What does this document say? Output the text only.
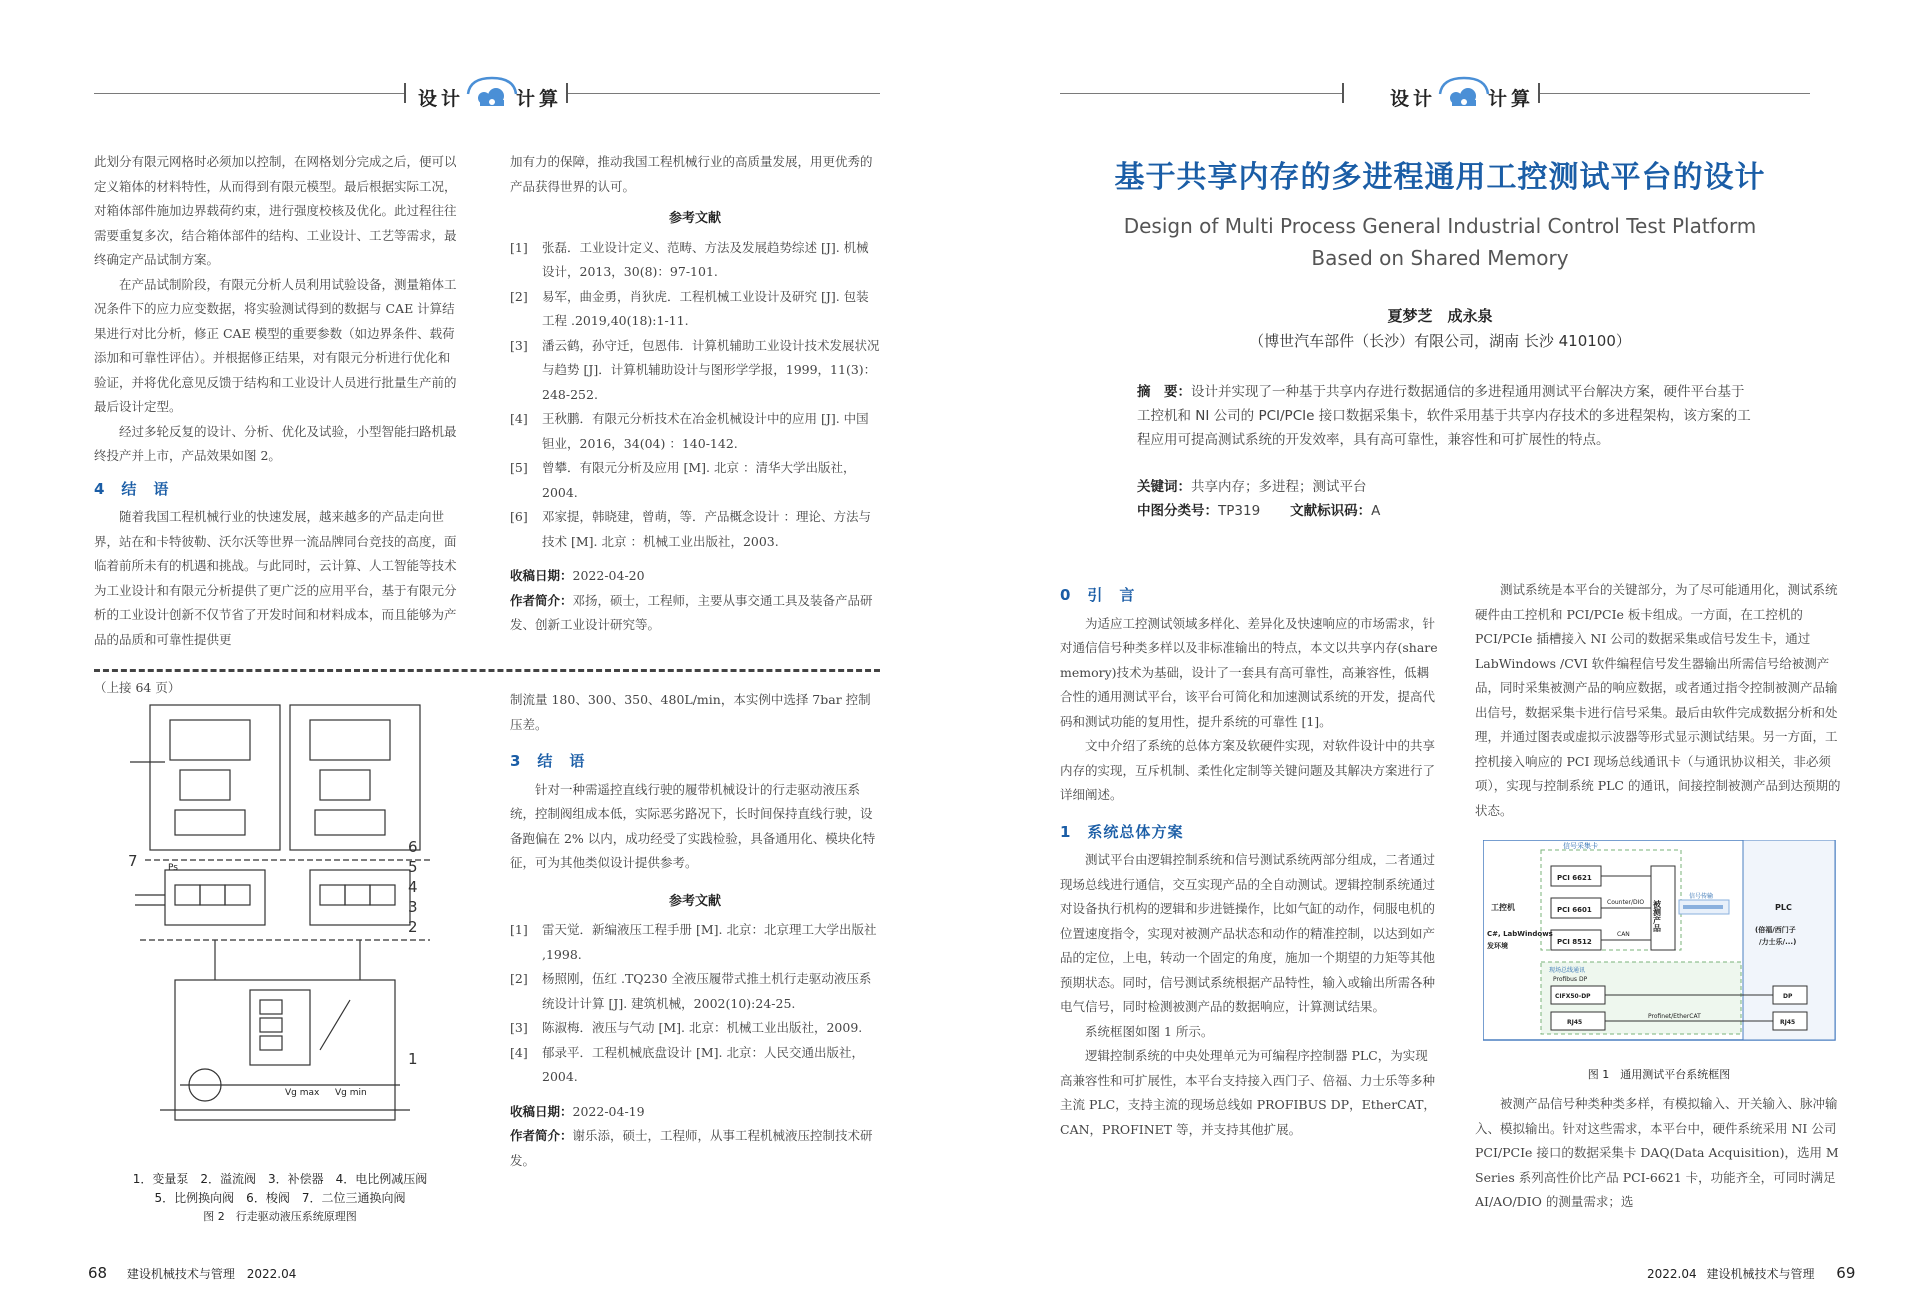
设计	计算

此划分有限元网格时必须加以控制，在网格划分完成之后，便可以定义箱体的材料特性，从而得到有限元模型。最后根据实际工况，对箱体部件施加边界载荷约束，进行强度校核及优化。此过程往往需要重复多次，结合箱体部件的结构、工业设计、工艺等需求，最终确定产品试制方案。

在产品试制阶段，有限元分析人员利用试验设备，测量箱体工况条件下的应力应变数据，将实验测试得到的数据与 CAE 计算结果进行对比分析，修正 CAE 模型的重要参数（如边界条件、载荷添加和可靠性评估）。并根据修正结果，对有限元分析进行优化和验证，并将优化意见反馈于结构和工业设计人员进行批量生产前的最后设计定型。

经过多轮反复的设计、分析、优化及试验，小型智能扫路机最终投产并上市，产品效果如图 2。

4　结　语

随着我国工程机械行业的快速发展，越来越多的产品走向世界，站在和卡特彼勒、沃尔沃等世界一流品牌同台竞技的高度，面临着前所未有的机遇和挑战。与此同时，云计算、人工智能等技术为工业设计和有限元分析提供了更广泛的应用平台，基于有限元分析的工业设计创新不仅节省了开发时间和材料成本，而且能够为产品的品质和可靠性提供更

加有力的保障，推动我国工程机械行业的高质量发展，用更优秀的产品获得世界的认可。

参考文献
[1]	张磊．工业设计定义、范畴、方法及发展趋势综述 [J]. 机械设计，2013，30(8)：97-101.
[2]	易军，曲金勇，肖狄虎．工程机械工业设计及研究 [J]. 包装工程 .2019,40(18):1-11.
[3]	潘云鹤，孙守迁，包恩伟．计算机辅助工业设计技术发展状况与趋势 [J]．计算机辅助设计与图形学学报，1999，11(3)：248-252.
[4]	王秋鹏．有限元分析技术在冶金机械设计中的应用 [J]. 中国钽业，2016，34(04) ：140-142.
[5]	曾攀．有限元分析及应用 [M]. 北京 ：清华大学出版社，2004.
[6]	邓家提，韩晓建，曾萌，等．产品概念设计 ：理论、方法与技术 [M]. 北京 ：机械工业出版社，2003.
收稿日期：2022-04-20
作者简介：邓扬，硕士，工程师，主要从事交通工具及装备产品研发、创新工业设计研究等。

（上接 64 页）

Ps
Vg max Vg min
7
6
5
4
3
2
1
1．变量泵　2．溢流阀　3．补偿器　4．电比例减压阀
5．比例换向阀　6．梭阀　7．二位三通换向阀
图 2　行走驱动液压系统原理图

制流量 180、300、350、480L/min，本实例中选择 7bar 控制压差。

3　结　语

针对一种需遥控直线行驶的履带机械设计的行走驱动液压系统，控制阀组成本低，实际恶劣路况下，长时间保持直线行驶，设备跑偏在 2% 以内，成功经受了实践检验，具备通用化、模块化特征，可为其他类似设计提供参考。

参考文献
[1]	雷天觉．新编液压工程手册 [M]. 北京：北京理工大学出版社 ,1998.
[2]	杨照刚，伍红 .TQ230 全液压履带式推土机行走驱动液压系统设计计算 [J]. 建筑机械，2002(10):24-25.
[3]	陈淑梅．液压与气动 [M]. 北京：机械工业出版社，2009.
[4]	郁录平．工程机械底盘设计 [M]. 北京：人民交通出版社，2004.
收稿日期：2022-04-19
作者简介：谢乐添，硕士，工程师，从事工程机械液压控制技术研发。
68 建设机械技术与管理 2022.04
设计	计算
基于共享内存的多进程通用工控测试平台的设计
Design of Multi Process General Industrial Control Test Platform
Based on Shared Memory
夏梦芝　成永泉
（博世汽车部件（长沙）有限公司，湖南 长沙 410100）
摘　要：设计并实现了一种基于共享内存进行数据通信的多进程通用测试平台解决方案，硬件平台基于工控机和 NI 公司的 PCI/PCIe 接口数据采集卡，软件采用基于共享内存技术的多进程架构，该方案的工程应用可提高测试系统的开发效率，具有高可靠性，兼容性和可扩展性的特点。
关键词：共享内存；多进程；测试平台
中图分类号：TP319 文献标识码：A
0　引　言

为适应工控测试领域多样化、差异化及快速响应的市场需求，针对通信信号种类多样以及非标准输出的特点，本文以共享内存(share memory)技术为基础，设计了一套具有高可靠性，高兼容性，低耦合性的通用测试平台，该平台可简化和加速测试系统的开发，提高代码和测试功能的复用性，提升系统的可靠性 [1]。

文中介绍了系统的总体方案及软硬件实现，对软件设计中的共享内存的实现，互斥机制、柔性化定制等关键问题及其解决方案进行了详细阐述。

1　系统总体方案

测试平台由逻辑控制系统和信号测试系统两部分组成，二者通过现场总线进行通信，交互实现产品的全自动测试。逻辑控制系统通过对设备执行机构的逻辑和步进链操作，比如气缸的动作，伺服电机的位置速度指令，实现对被测产品状态和动作的精准控制，以达到如产品的定位，上电，转动一个固定的角度，施加一个期望的力矩等其他预期状态。同时，信号测试系统根据产品特性，输入或输出所需各种电气信号，同时检测被测产品的数据响应，计算测试结果。

系统框图如图 1 所示。

逻辑控制系统的中央处理单元为可编程序控制器 PLC，为实现高兼容性和可扩展性，本平台支持接入西门子、倍福、力士乐等多种主流 PLC，支持主流的现场总线如 PROFIBUS DP，EtherCAT，CAN，PROFINET 等，并支持其他扩展。

测试系统是本平台的关键部分，为了尽可能通用化，测试系统硬件由工控机和 PCI/PCIe 板卡组成。一方面，在工控机的 PCI/PCIe 插槽接入 NI 公司的数据采集或信号发生卡，通过 LabWindows /CVI 软件编程信号发生器输出所需信号给被测产品，同时采集被测产品的响应数据，或者通过指令控制被测产品输出信号，数据采集卡进行信号采集。最后由软件完成数据分析和处理，并通过图表或虚拟示波器等形式显示测试结果。另一方面，工控机接入响应的 PCI 现场总线通讯卡（与通讯协议相关，非必须项），实现与控制系统 PLC 的通讯，间接控制被测产品到达预期的状态。

信号采集卡
PCI 6621
PCI 6601
PCI 8512
Counter/DIO
CAN
被测产品
信号传输
工控机
C#, LabWindows
发环境
PLC
(倍福/西门子
/力士乐/...)
现场总线通讯
Profibus DP
CIFX50-DP	DP
RJ45	RJ45
Profinet/EtherCAT
图 1　通用测试平台系统框图

被测产品信号种类种类多样，有模拟输入、开关输入、脉冲输入、模拟输出。针对这些需求，本平台中，硬件系统采用 NI 公司 PCI/PCIe 接口的数据采集卡 DAQ(Data Acquisition)，选用 M Series 系列高性价比产品 PCI-6621 卡，功能齐全，可同时满足 AI/AO/DIO 的测量需求；选

2022.04 建设机械技术与管理 69
